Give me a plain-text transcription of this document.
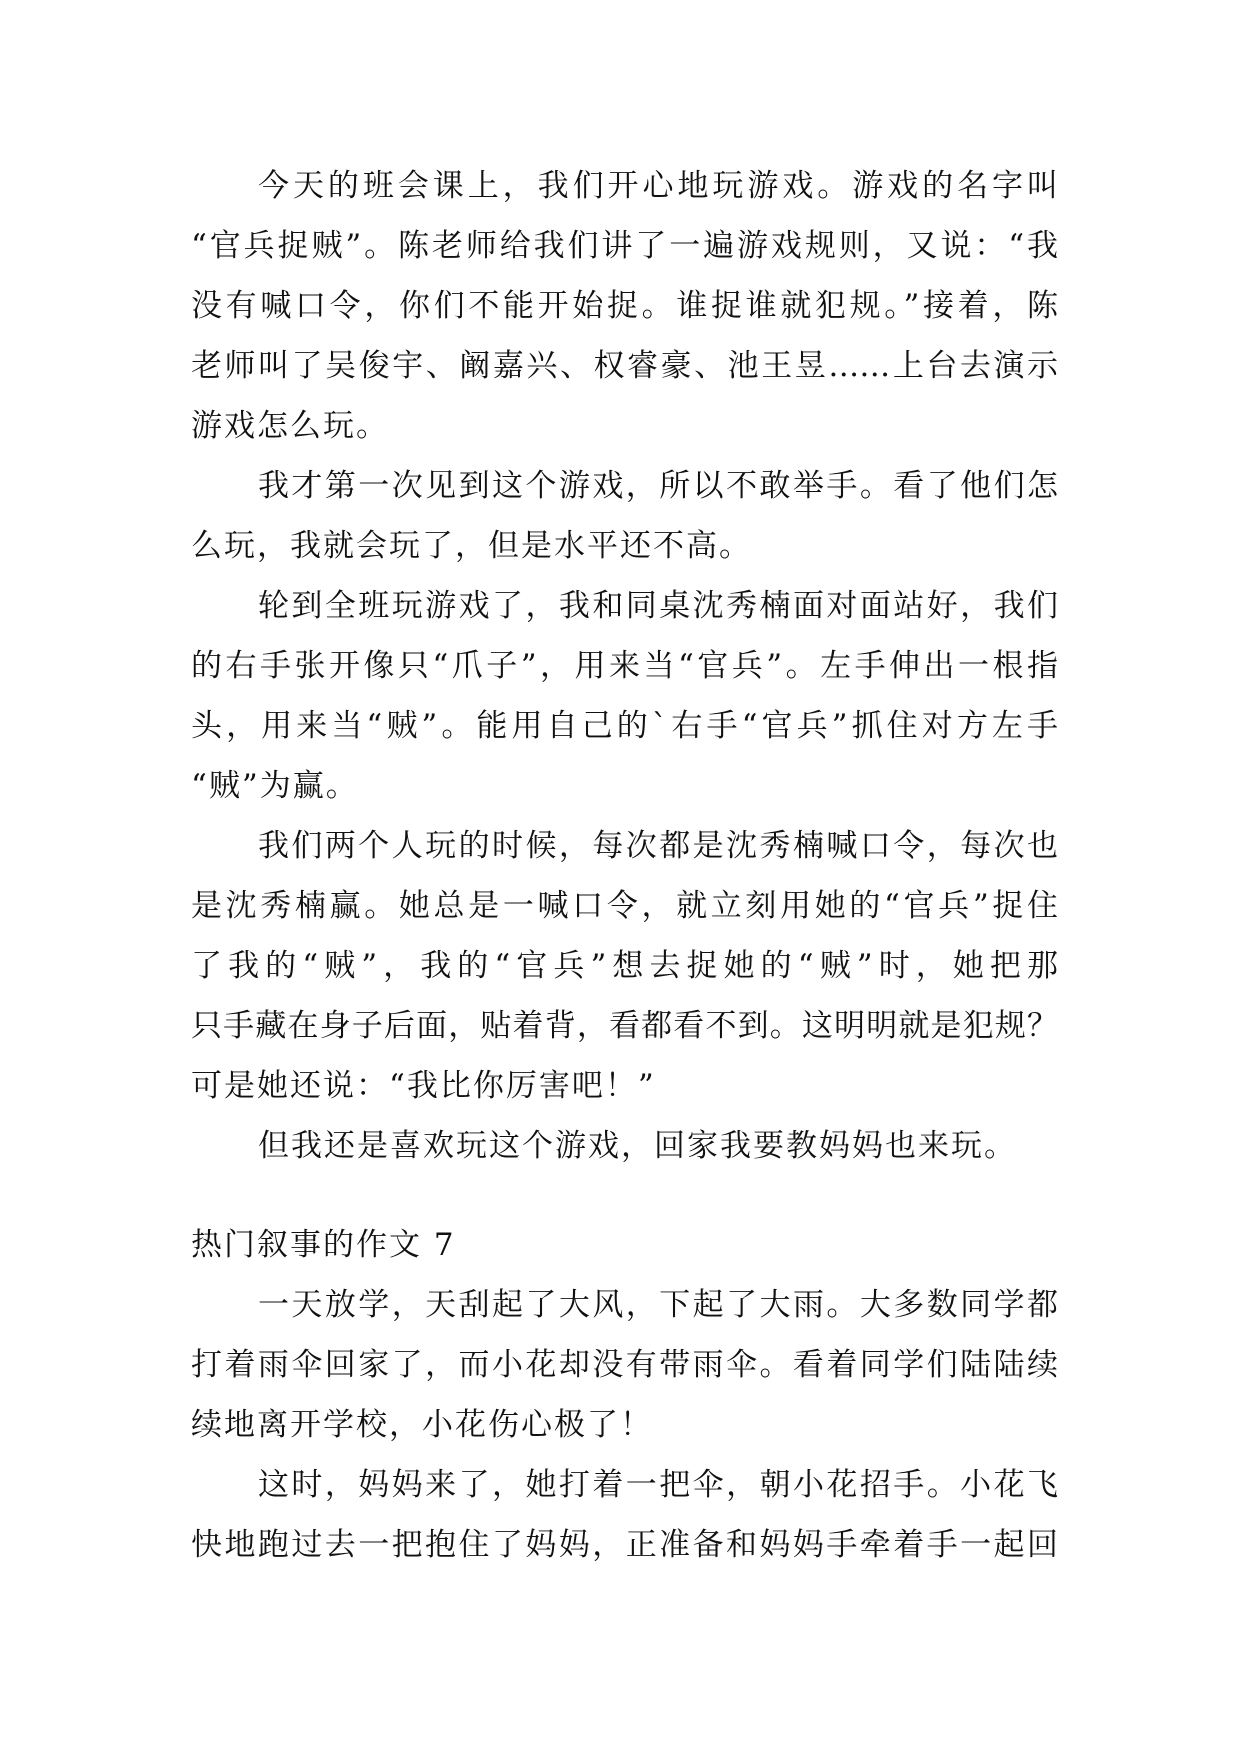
今天的班会课上，我们开心地玩游戏。游戏的名字叫
“官兵捉贼”。陈老师给我们讲了一遍游戏规则，又说：“我
没有喊口令，你们不能开始捉。谁捉谁就犯规。”接着，陈
老师叫了吴俊宇、阚嘉兴、权睿豪、池王昱……上台去演示
游戏怎么玩。
我才第一次见到这个游戏，所以不敢举手。看了他们怎
么玩，我就会玩了，但是水平还不高。
轮到全班玩游戏了，我和同桌沈秀楠面对面站好，我们
的右手张开像只“爪子”，用来当“官兵”。左手伸出一根指
头，用来当“贼”。能用自己的`右手“官兵”抓住对方左手
“贼”为赢。
我们两个人玩的时候，每次都是沈秀楠喊口令，每次也
是沈秀楠赢。她总是一喊口令，就立刻用她的“官兵”捉住
了我的“贼”，我的“官兵”想去捉她的“贼”时，她把那
只手藏在身子后面，贴着背，看都看不到。这明明就是犯规？
可是她还说：“我比你厉害吧！”
但我还是喜欢玩这个游戏，回家我要教妈妈也来玩。
热门叙事的作文 7
一天放学，天刮起了大风，下起了大雨。大多数同学都
打着雨伞回家了，而小花却没有带雨伞。看着同学们陆陆续
续地离开学校，小花伤心极了！
这时，妈妈来了，她打着一把伞，朝小花招手。小花飞
快地跑过去一把抱住了妈妈，正准备和妈妈手牵着手一起回
